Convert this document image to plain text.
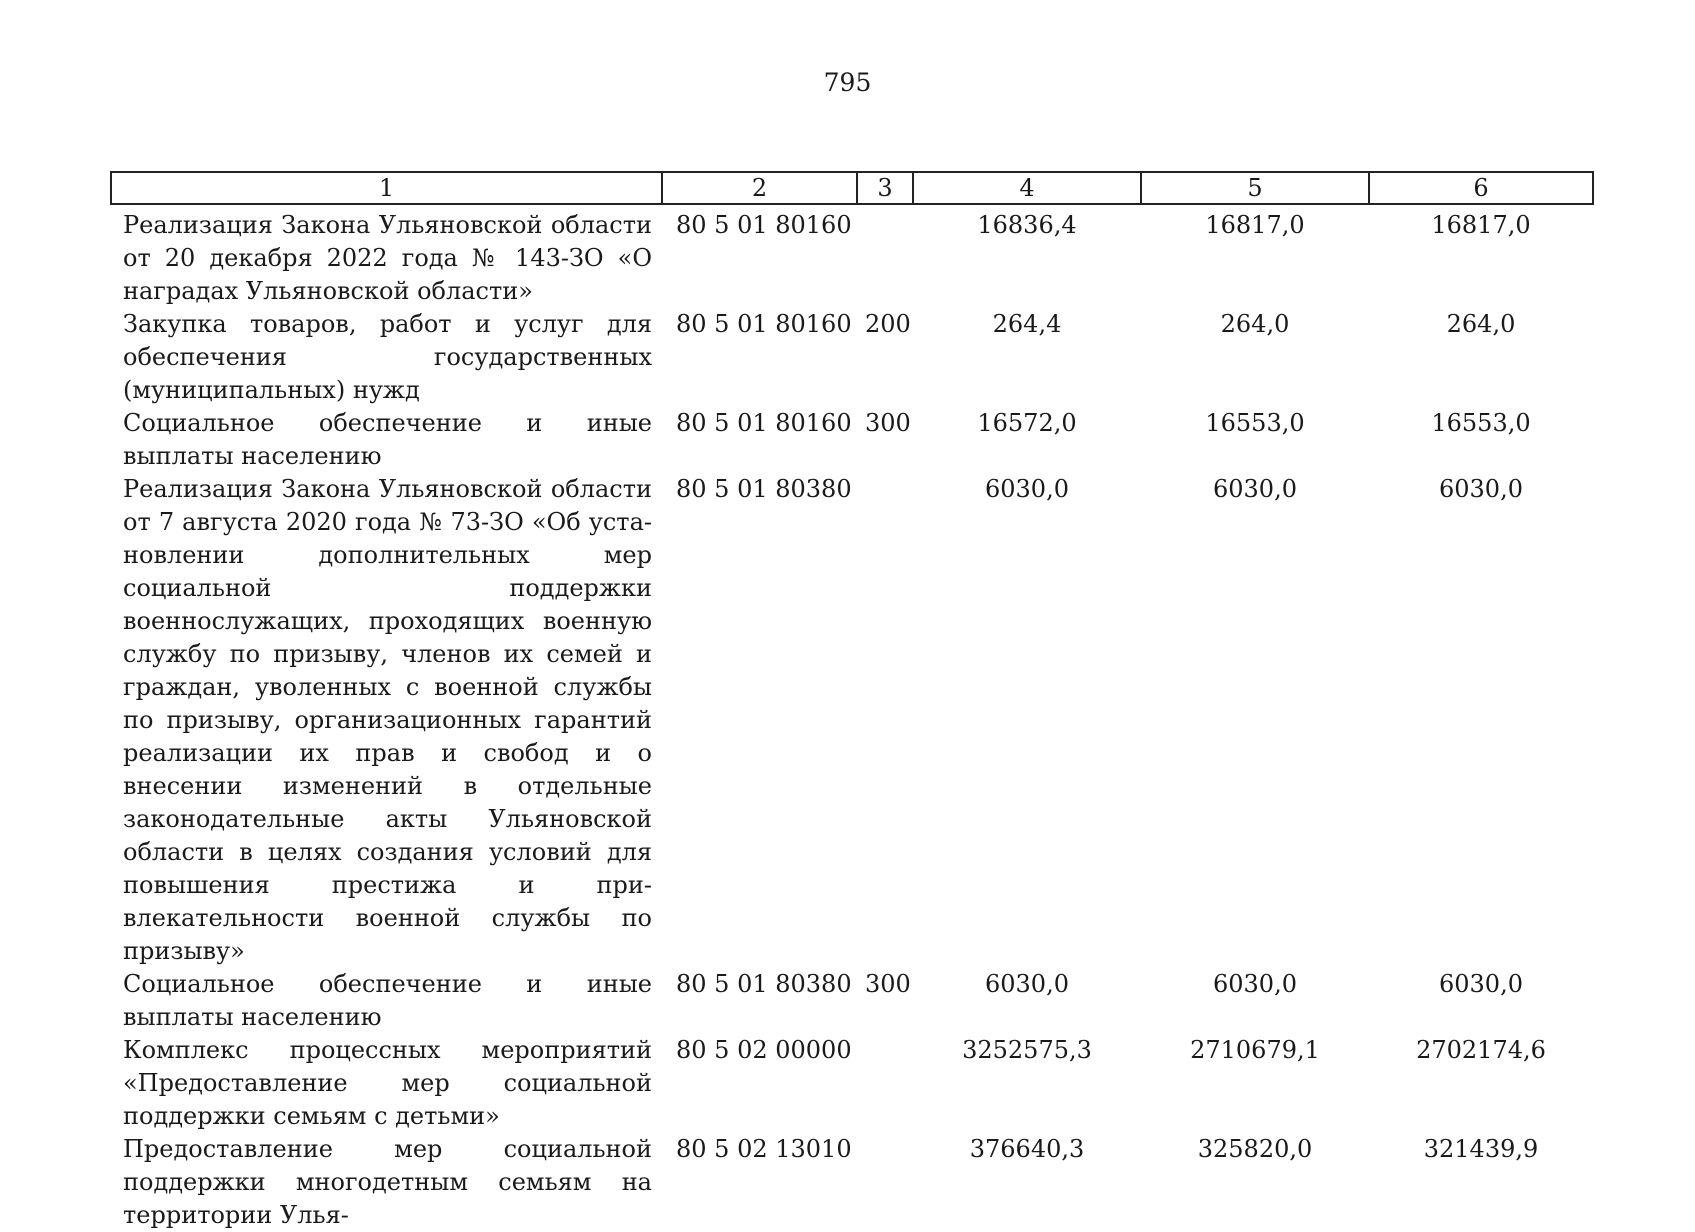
795
1	2	3	4	5	6
Реализация Закона Ульяновской области от 20 декабря 2022 года № 143-ЗО «О наградах Ульяновской области»	80 5 01 80160		16836,4	16817,0	16817,0
Закупка товаров, работ и услуг для обеспечения государственных (муниципальных) нужд	80 5 01 80160	200	264,4	264,0	264,0
Социальное обеспечение и иные выплаты населению	80 5 01 80160	300	16572,0	16553,0	16553,0
Реализация Закона Ульяновской области от 7 августа 2020 года № 73-ЗО «Об установлении дополнительных мер социальной поддержки военнослужащих, проходящих военную службу по призыву, членов их семей и граждан, уволенных с военной службы по призыву, организационных гарантий реализации их прав и свобод и о внесении изменений в отдельные законодательные акты Ульяновской области в целях создания условий для повышения престижа и привлекательности военной службы по призыву»	80 5 01 80380		6030,0	6030,0	6030,0
Социальное обеспечение и иные выплаты населению	80 5 01 80380	300	6030,0	6030,0	6030,0
Комплекс процессных мероприятий «Предоставление мер социальной поддержки семьям с детьми»	80 5 02 00000		3252575,3	2710679,1	2702174,6
Предоставление мер социальной поддержки многодетным семьям на территории Улья-	80 5 02 13010		376640,3	325820,0	321439,9
